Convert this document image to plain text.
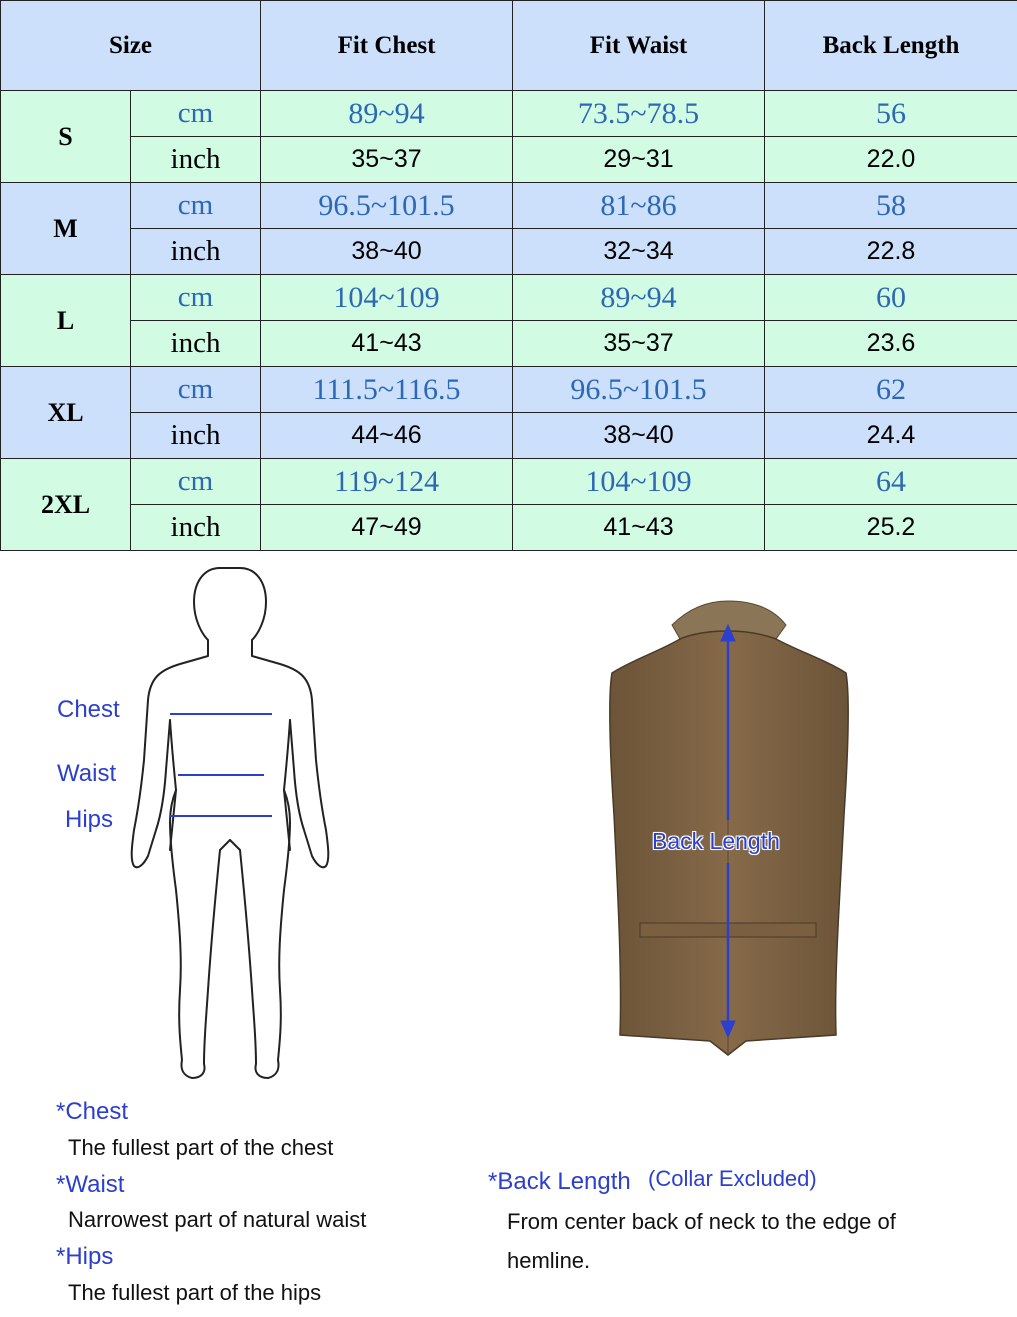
Size		Fit Chest	Fit Waist	Back Length
S	cm	89~94	73.5~78.5	56
	inch	35~37	29~31	22.0
M	cm	96.5~101.5	81~86	58
	inch	38~40	32~34	22.8
L	cm	104~109	89~94	60
	inch	41~43	35~37	23.6
XL	cm	111.5~116.5	96.5~101.5	62
	inch	44~46	38~40	24.4
2XL	cm	119~124	104~109	64
	inch	47~49	41~43	25.2
Chest
Waist
Hips
Back Length
*Chest
The fullest part of the chest
*Waist
Narrowest part of natural waist
*Hips
The fullest part of the hips
*Back Length (Collar Excluded)
From center back of neck to the edge of
hemline.
